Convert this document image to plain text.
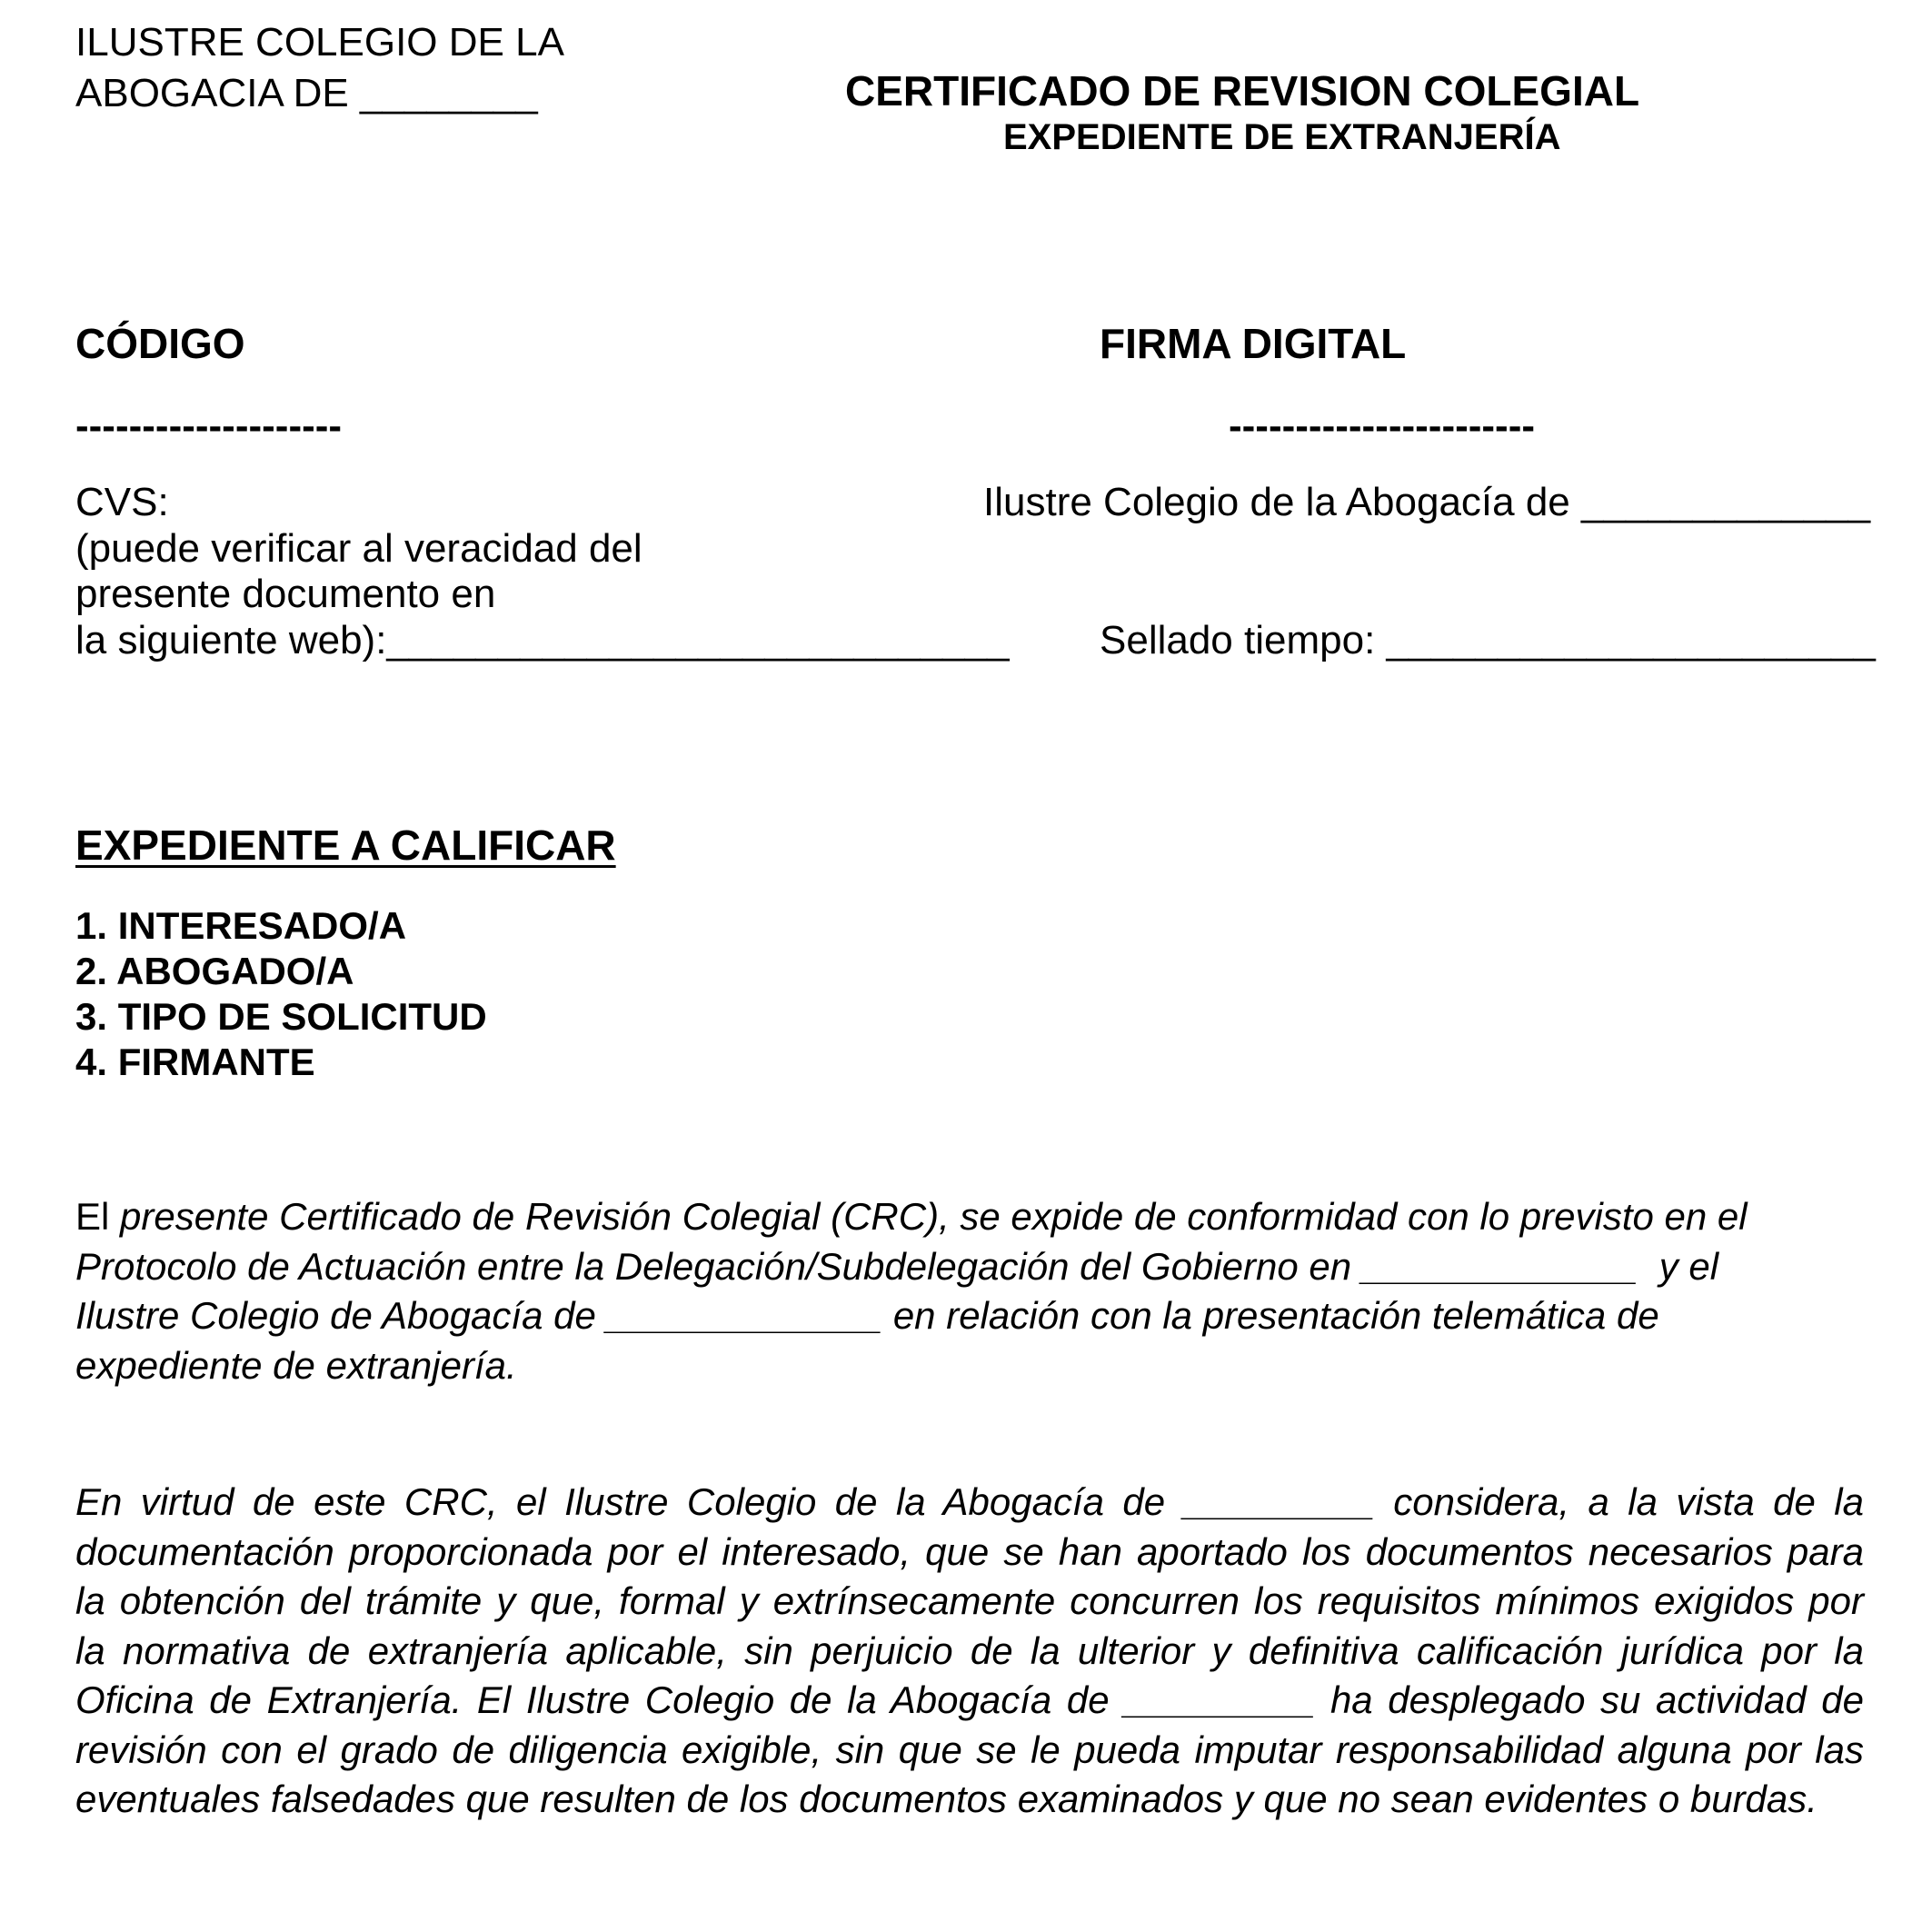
ILUSTRE COLEGIO DE LA
ABOGACIA DE ________	CERTIFICADO DE REVISION COLEGIAL
EXPEDIENTE DE EXTRANJERÍA
CÓDIGO
--------------------
CVS:
(puede verificar al veracidad del
presente documento en
la siguiente web):____________________________
FIRMA DIGITAL
-----------------------
Ilustre Colegio de la Abogacía de _____________
Sellado tiempo: ______________________
EXPEDIENTE A CALIFICAR
1. INTERESADO/A
2. ABOGADO/A
3. TIPO DE SOLICITUD
4. FIRMANTE
El presente Certificado de Revisión Colegial (CRC), se expide de conformidad con lo previsto en el
Protocolo de Actuación entre la Delegación/Subdelegación del Gobierno en _____________  y el
Ilustre Colegio de Abogacía de _____________ en relación con la presentación telemática de
expediente de extranjería.
En virtud de este CRC, el Ilustre Colegio de la Abogacía de _________ considera, a la vista de la
documentación proporcionada por el interesado, que se han aportado los documentos necesarios para
la obtención del trámite y que, formal y extrínsecamente concurren los requisitos mínimos exigidos por
la normativa de extranjería aplicable, sin perjuicio de la ulterior y definitiva calificación jurídica por la
Oficina de Extranjería. El Ilustre Colegio de la Abogacía de _________ ha desplegado su actividad de
revisión con el grado de diligencia exigible, sin que se le pueda imputar responsabilidad alguna por las
eventuales falsedades que resulten de los documentos examinados y que no sean evidentes o burdas.
